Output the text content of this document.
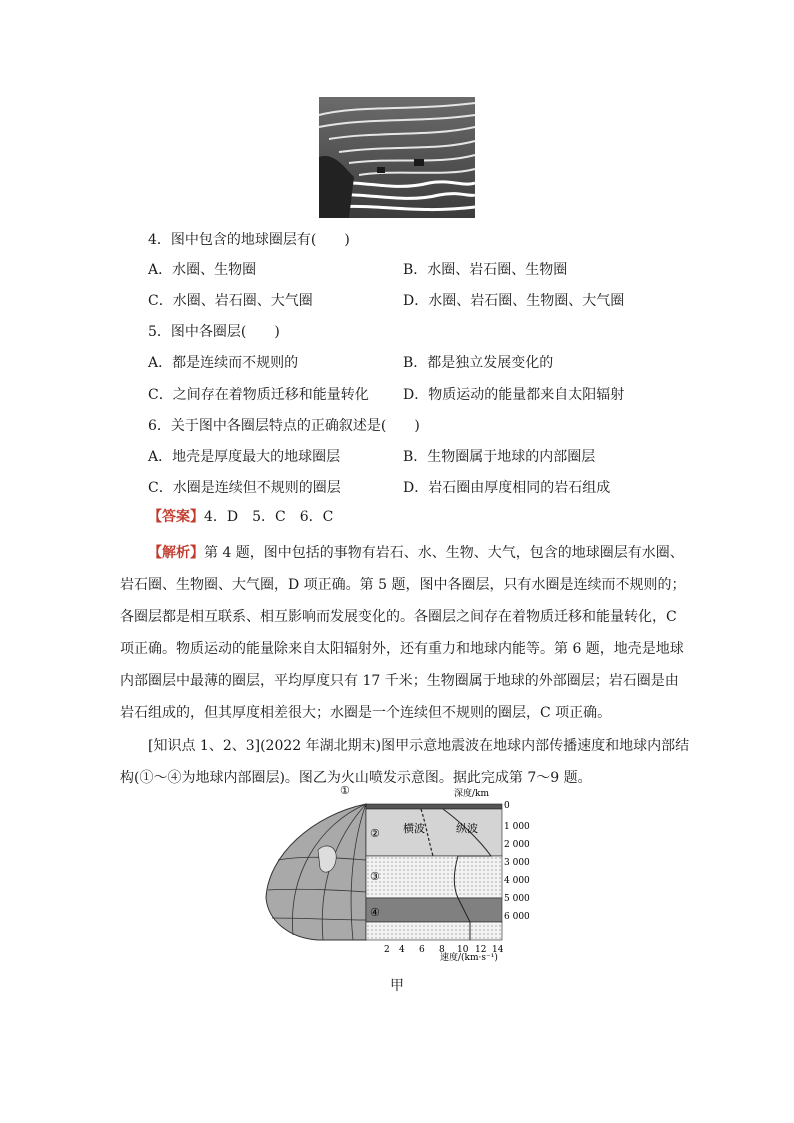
4．图中包含的地球圈层有(　　)
A．水圈、生物圈	B．水圈、岩石圈、生物圈
C．水圈、岩石圈、大气圈	D．水圈、岩石圈、生物圈、大气圈
5．图中各圈层(　　)
A．都是连续而不规则的	B．都是独立发展变化的
C．之间存在着物质迁移和能量转化 D．物质运动的能量都来自太阳辐射
6．关于图中各圈层特点的正确叙述是(　　)
A．地壳是厚度最大的地球圈层	B．生物圈属于地球的内部圈层
C．水圈是连续但不规则的圈层	D．岩石圈由厚度相同的岩石组成
【答案】4．D　5．C　6．C
【解析】第 4 题，图中包括的事物有岩石、水、生物、大气，包含的地球圈层有水圈、
岩石圈、生物圈、大气圈，D 项正确。第 5 题，图中各圈层，只有水圈是连续而不规则的；
各圈层都是相互联系、相互影响而发展变化的。各圈层之间存在着物质迁移和能量转化，C
项正确。物质运动的能量除来自太阳辐射外，还有重力和地球内能等。第 6 题，地壳是地球
内部圈层中最薄的圈层，平均厚度只有 17 千米；生物圈属于地球的外部圈层；岩石圈是由
岩石组成的，但其厚度相差很大；水圈是一个连续但不规则的圈层，C 项正确。
[知识点 1、2、3](2022 年湖北期末)图甲示意地震波在地球内部传播速度和地球内部结
构(①～④为地球内部圈层)。图乙为火山喷发示意图。据此完成第 7～9 题。
①
②
③
④
横波	纵波
深度/km
0
1 000
2 000
3 000
4 000
5 000
6 000
2 4 6 8 10 12 14
速度/(km·s⁻¹)
甲
